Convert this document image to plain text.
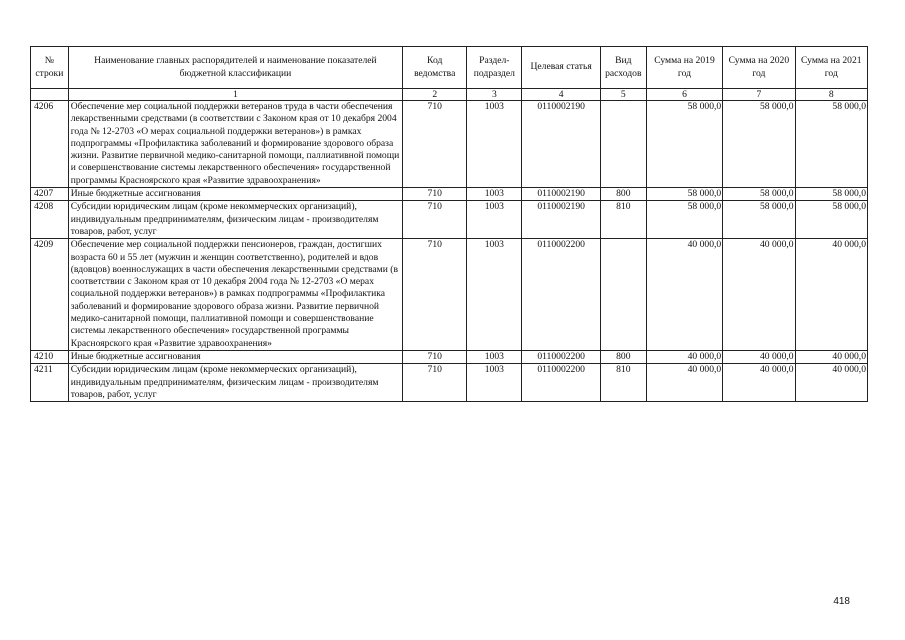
№ строки	Наименование главных распорядителей и наименование показателей бюджетной классификации	Код ведомства	Раздел-подраздел	Целевая статья	Вид расходов	Сумма на 2019 год	Сумма на 2020 год	Сумма на 2021 год
	1	2	3	4	5	6	7	8
4206	Обеспечение мер социальной поддержки ветеранов труда в части обеспечения лекарственными средствами (в соответствии с Законом края от 10 декабря 2004 года № 12-2703 «О мерах социальной поддержки ветеранов») в рамках подпрограммы «Профилактика заболеваний и формирование здорового образа жизни. Развитие первичной медико-санитарной помощи, паллиативной помощи и совершенствование системы лекарственного обеспечения» государственной программы Красноярского края «Развитие здравоохранения»	710	1003	0110002190		58 000,0	58 000,0	58 000,0
4207	Иные бюджетные ассигнования	710	1003	0110002190	800	58 000,0	58 000,0	58 000,0
4208	Субсидии юридическим лицам (кроме некоммерческих организаций), индивидуальным предпринимателям, физическим лицам - производителям товаров, работ, услуг	710	1003	0110002190	810	58 000,0	58 000,0	58 000,0
4209	Обеспечение мер социальной поддержки пенсионеров, граждан, достигших возраста 60 и 55 лет (мужчин и женщин соответственно), родителей и вдов (вдовцов) военнослужащих в части обеспечения лекарственными средствами (в соответствии с Законом края от 10 декабря 2004 года № 12-2703 «О мерах социальной поддержки ветеранов») в рамках подпрограммы «Профилактика заболеваний и формирование здорового образа жизни. Развитие первичной медико-санитарной помощи, паллиативной помощи и совершенствование системы лекарственного обеспечения» государственной программы Красноярского края «Развитие здравоохранения»	710	1003	0110002200		40 000,0	40 000,0	40 000,0
4210	Иные бюджетные ассигнования	710	1003	0110002200	800	40 000,0	40 000,0	40 000,0
4211	Субсидии юридическим лицам (кроме некоммерческих организаций), индивидуальным предпринимателям, физическим лицам - производителям товаров, работ, услуг	710	1003	0110002200	810	40 000,0	40 000,0	40 000,0
418
